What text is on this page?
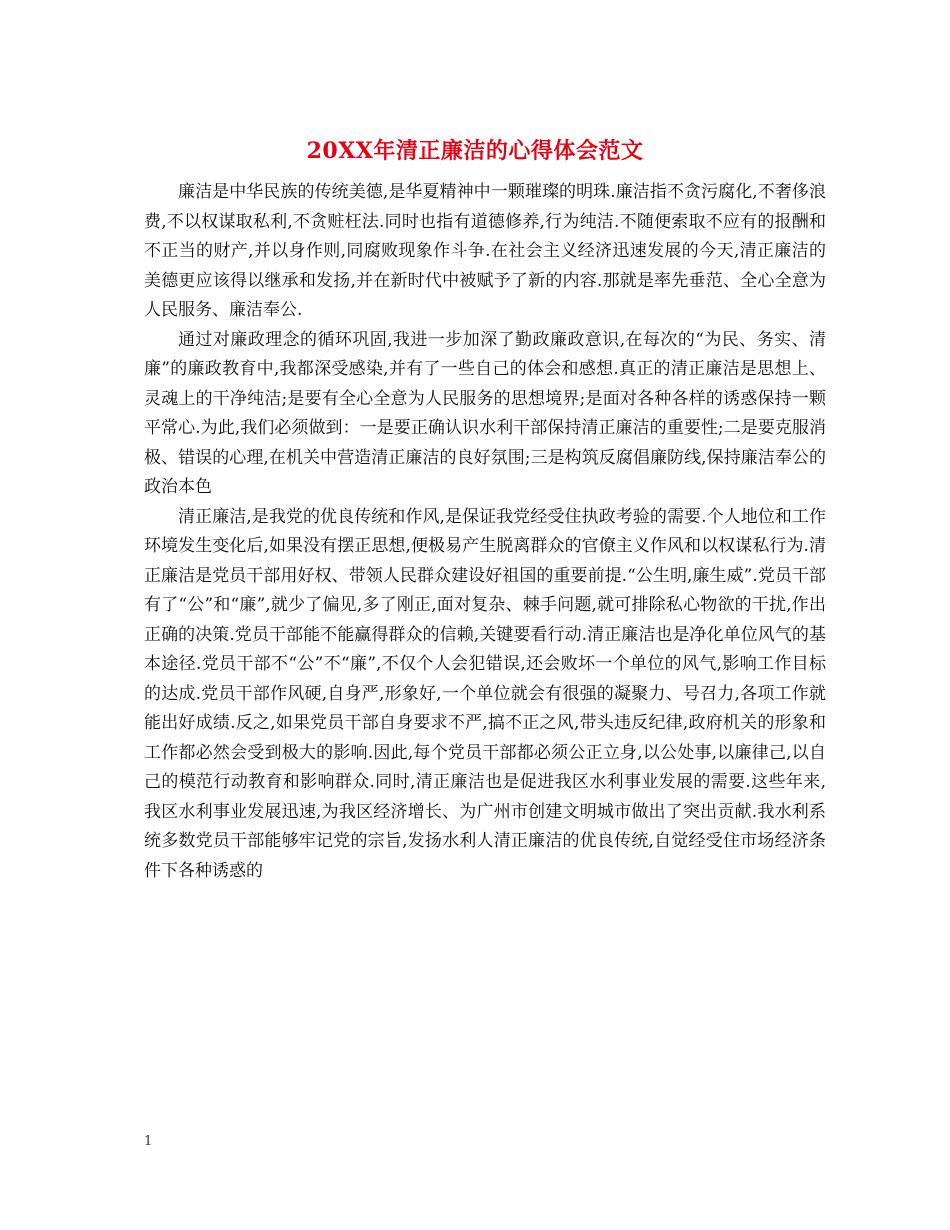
20XX年清正廉洁的心得体会范文

廉洁是中华民族的传统美德,是华夏精神中一颗璀璨的明珠.廉洁指不贪污腐化,不奢侈浪费,不以权谋取私利,不贪赃枉法.同时也指有道德修养,行为纯洁.不随便索取不应有的报酬和不正当的财产,并以身作则,同腐败现象作斗争.在社会主义经济迅速发展的今天,清正廉洁的美德更应该得以继承和发扬,并在新时代中被赋予了新的内容.那就是率先垂范、全心全意为人民服务、廉洁奉公.

通过对廉政理念的循环巩固,我进一步加深了勤政廉政意识,在每次的“为民、务实、清廉”的廉政教育中,我都深受感染,并有了一些自己的体会和感想.真正的清正廉洁是思想上、灵魂上的干净纯洁;是要有全心全意为人民服务的思想境界;是面对各种各样的诱惑保持一颗平常心.为此,我们必须做到：一是要正确认识水利干部保持清正廉洁的重要性;二是要克服消极、错误的心理,在机关中营造清正廉洁的良好氛围;三是构筑反腐倡廉防线,保持廉洁奉公的政治本色

清正廉洁,是我党的优良传统和作风,是保证我党经受住执政考验的需要.个人地位和工作环境发生变化后,如果没有摆正思想,便极易产生脱离群众的官僚主义作风和以权谋私行为.清正廉洁是党员干部用好权、带领人民群众建设好祖国的重要前提.“公生明,廉生威”.党员干部有了“公”和“廉”,就少了偏见,多了刚正,面对复杂、棘手问题,就可排除私心物欲的干扰,作出正确的决策.党员干部能不能赢得群众的信赖,关键要看行动.清正廉洁也是净化单位风气的基本途径.党员干部不“公”不“廉”,不仅个人会犯错误,还会败坏一个单位的风气,影响工作目标的达成.党员干部作风硬,自身严,形象好,一个单位就会有很强的凝聚力、号召力,各项工作就能出好成绩.反之,如果党员干部自身要求不严,搞不正之风,带头违反纪律,政府机关的形象和工作都必然会受到极大的影响.因此,每个党员干部都必须公正立身,以公处事,以廉律己,以自己的模范行动教育和影响群众.同时,清正廉洁也是促进我区水利事业发展的需要.这些年来,我区水利事业发展迅速,为我区经济增长、为广州市创建文明城市做出了突出贡献.我水利系统多数党员干部能够牢记党的宗旨,发扬水利人清正廉洁的优良传统,自觉经受住市场经济条件下各种诱惑的

1
